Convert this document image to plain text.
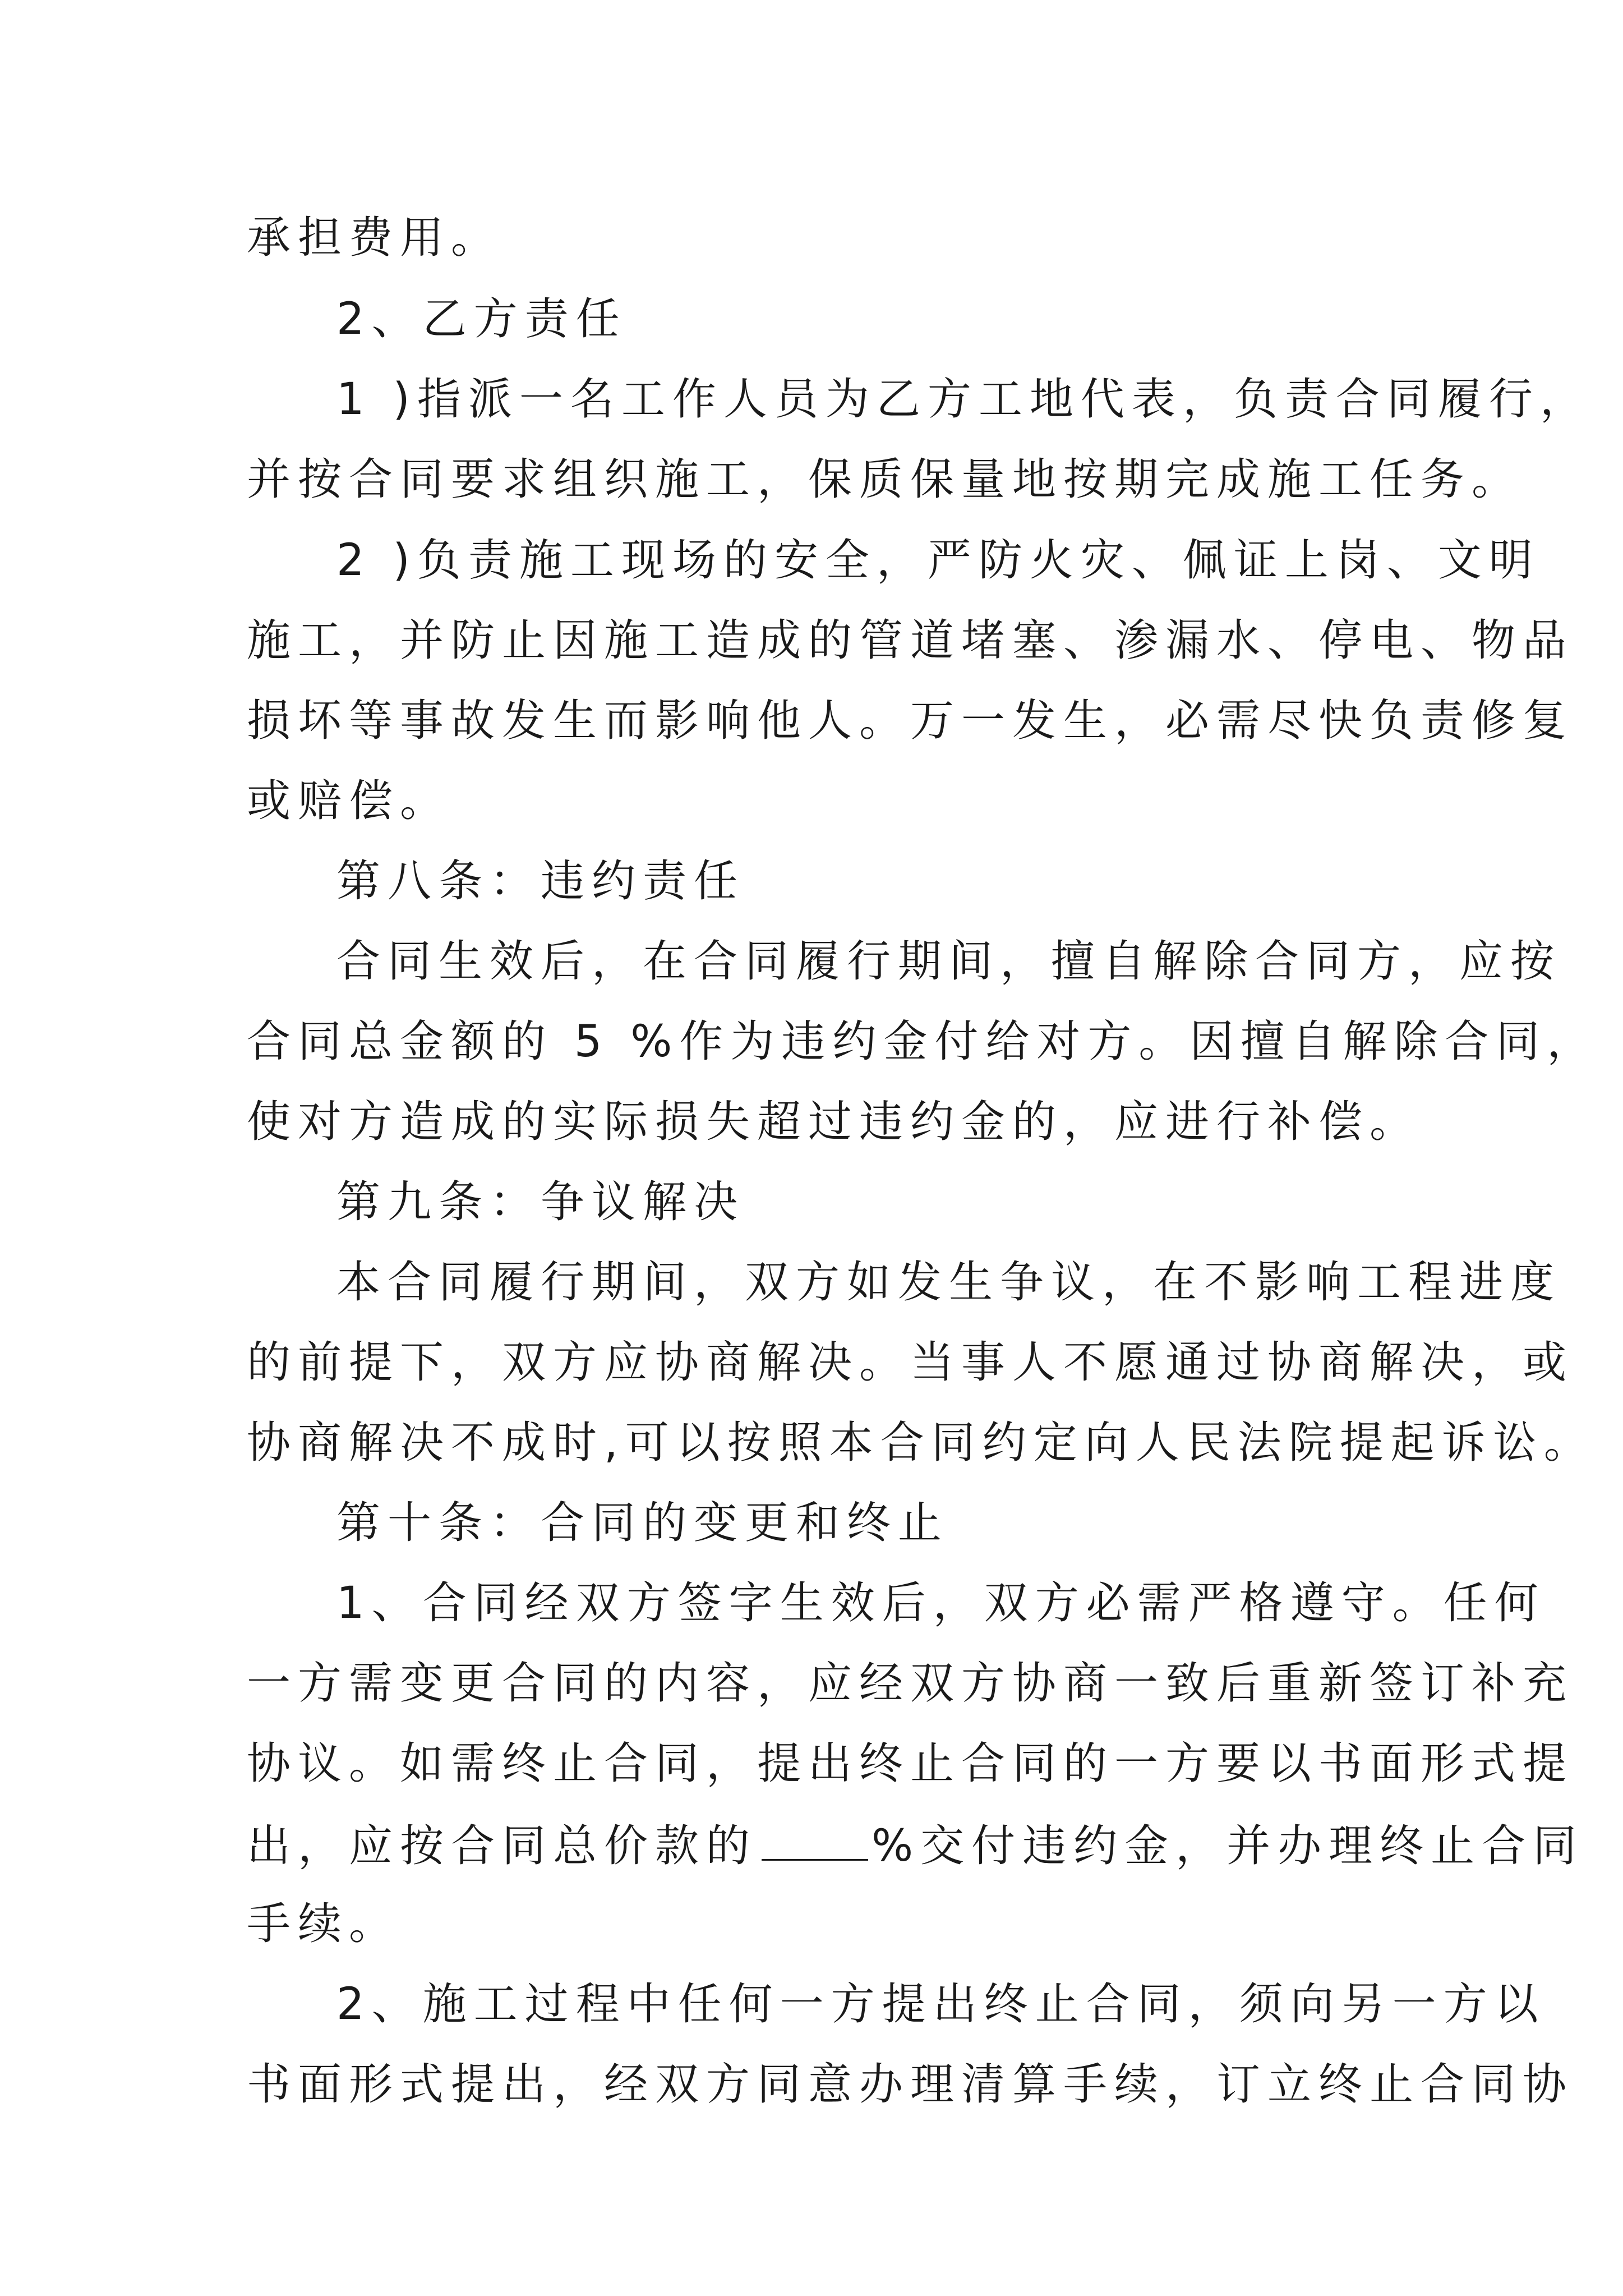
承担费用。
2、乙方责任
1 )指派一名工作人员为乙方工地代表，负责合同履行，
并按合同要求组织施工，保质保量地按期完成施工任务。
2 )负责施工现场的安全，严防火灾、佩证上岗、文明
施工，并防止因施工造成的管道堵塞、渗漏水、停电、物品
损坏等事故发生而影响他人。万一发生，必需尽快负责修复
或赔偿。
第八条：违约责任
合同生效后，在合同履行期间，擅自解除合同方，应按
合同总金额的 5 %作为违约金付给对方。因擅自解除合同，
使对方造成的实际损失超过违约金的，应进行补偿。
第九条：争议解决
本合同履行期间，双方如发生争议，在不影响工程进度
的前提下，双方应协商解决。当事人不愿通过协商解决，或
协商解决不成时,可以按照本合同约定向人民法院提起诉讼。
第十条：合同的变更和终止
1、合同经双方签字生效后，双方必需严格遵守。任何
一方需变更合同的内容，应经双方协商一致后重新签订补充
协议。如需终止合同，提出终止合同的一方要以书面形式提
出，应按合同总价款的	%交付违约金，并办理终止合同
手续。
2、施工过程中任何一方提出终止合同，须向另一方以
书面形式提出，经双方同意办理清算手续，订立终止合同协
